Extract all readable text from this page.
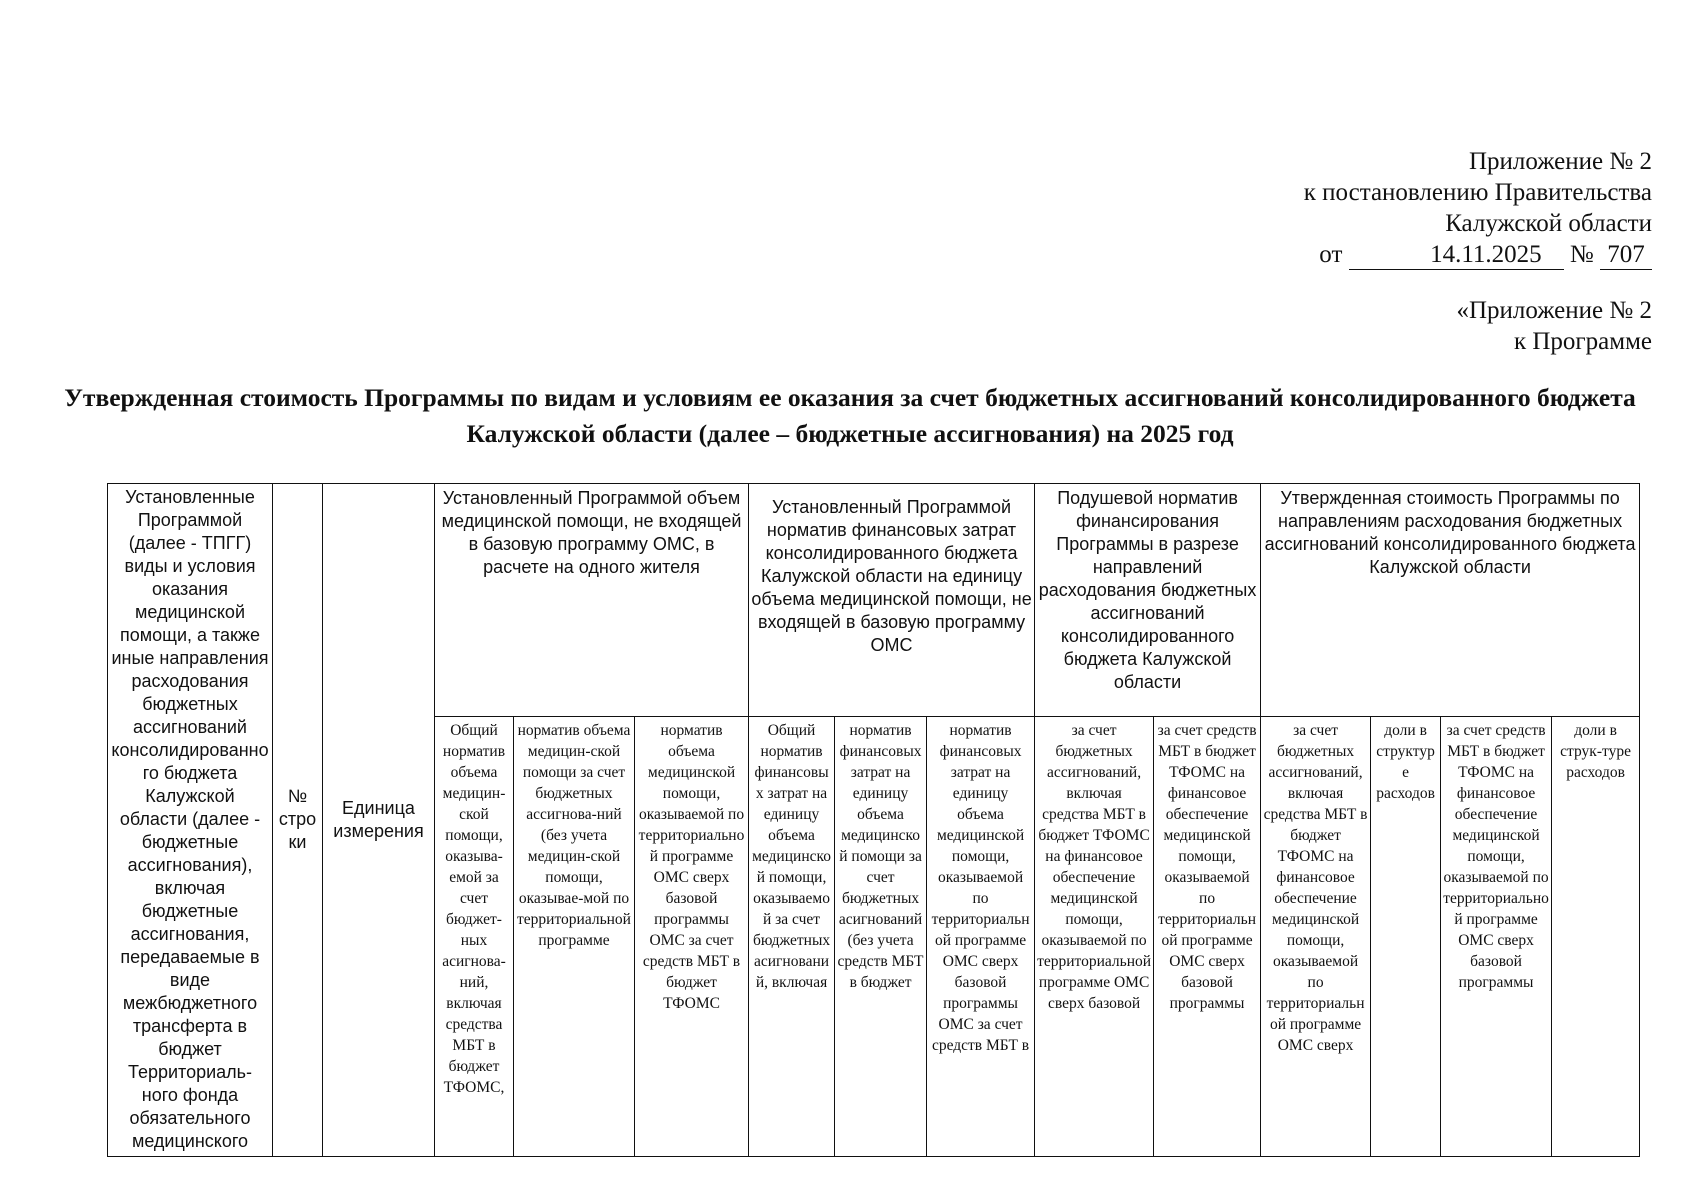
Приложение № 2
к постановлению Правительства
Калужской области
от	14.11.2025 № 707
«Приложение № 2
к Программе
Утвержденная стоимость Программы по видам и условиям ее оказания за счет бюджетных ассигнований консолидированного бюджета Калужской области (далее – бюджетные ассигнования) на 2025 год
Установленные Программой (далее - ТПГГ) виды и условия оказания медицинской помощи, а также иные направления расходования бюджетных ассигнований консолидированного бюджета Калужской области (далее - бюджетные ассигнования), включая бюджетные ассигнования, передаваемые в виде межбюджетного трансферта в бюджет Территориаль-ного фонда обязательного медицинского	№ строки	Единица измерения	Установленный Программой объем медицинской помощи, не входящей в базовую программу ОМС, в расчете на одного жителя			Установленный Программой норматив финансовых затрат консолидированного бюджета Калужской области на единицу объема медицинской помощи, не входящей в базовую программу ОМС			Подушевой норматив финансирования Программы в разрезе направлений расходования бюджетных ассигнований консолидированного бюджета Калужской области		Утвержденная стоимость Программы по направлениям расходования бюджетных ассигнований консолидированного бюджета Калужской области			
			Общий норматив объема медицин-ской помощи, оказыва-емой за счет бюджет-ных асигнова-ний, включая средства МБТ в бюджет ТФОМС,	норматив объема медицин-ской помощи за счет бюджетных ассигнова-ний (без учета медицин-ской помощи, оказывае-мой по территориальной программе	норматив объема медицинской помощи, оказываемой по территориальной программе ОМС сверх базовой программы ОМС за счет средств МБТ в бюджет ТФОМС	Общий норматив финансовых затрат на единицу объема медицинской помощи, оказываемой за счет бюджетных асигнований, включая	норматив финансовых затрат на единицу объема медицинской помощи за счет бюджетных асигнований (без учета средств МБТ в бюджет	норматив финансовых затрат на единицу объема медицинской помощи, оказываемой по территориальной программе ОМС сверх базовой программы ОМС за счет средств МБТ в	за счет бюджетных ассигнований, включая средства МБТ в бюджет ТФОМС на финансовое обеспечение медицинской помощи, оказываемой по территориальной программе ОМС сверх базовой	за счет средств МБТ в бюджет ТФОМС на финансовое обеспечение медицинской помощи, оказываемой по территориальной программе ОМС сверх базовой программы	за счет бюджетных ассигнований, включая средства МБТ в бюджет ТФОМС на финансовое обеспечение медицинской помощи, оказываемой по территориальной программе ОМС сверх	доли в структуре расходов	за счет средств МБТ в бюджет ТФОМС на финансовое обеспечение медицинской помощи, оказываемой по территориальной программе ОМС сверх базовой программы	доли в струк-туре расходов
